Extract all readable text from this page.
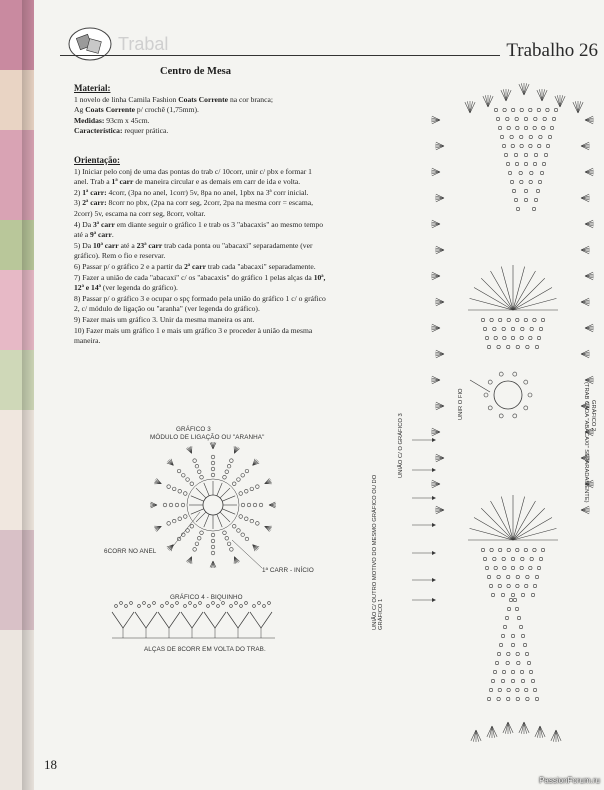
Trabal	Trabalho 26
Centro de Mesa

Material:

1 novelo de linha Camila Fashion Coats Corrente na cor branca;

Ag Coats Corrente p/ crochê (1,75mm).

Medidas: 93cm x 45cm.

Característica: requer prática.

Orientação:

1) Iniciar pelo conj de uma das pontas do trab c/ 10corr, unir c/ pbx e formar 1 anel. Trab a 1ª carr de maneira circular e as demais em carr de ida e volta.

2) 1ª carr: 4corr, (3pa no anel, 1corr) 5v, 8pa no anel, 1pbx na 3ª corr inicial.

3) 2ª carr: 8corr no pbx, (2pa na corr seg, 2corr, 2pa na mesma corr = escama, 2corr) 5v, escama na corr seg, 8corr, voltar.

4) Da 3ª carr em diante seguir o gráfico 1 e trab os 3 "abacaxis" ao mesmo tempo até a 9ª carr.

5) Da 10ª carr até a 23ª carr trab cada ponta ou "abacaxi" separadamente (ver gráfico). Rem o fio e reservar.

6) Passar p/ o gráfico 2 e a partir da 2ª carr trab cada "abacaxi" separadamente.

7) Fazer a união de cada "abacaxi" c/ os "abacaxis" do gráfico 1 pelas alças da 10ª, 12ª e 14ª (ver legenda do gráfico).

8) Passar p/ o gráfico 3 e ocupar o spç formado pela união do gráfico 1 c/ o gráfico 2, c/ módulo de ligação ou "aranha" (ver legenda do gráfico).

9) Fazer mais um gráfico 3. Unir da mesma maneira os ant.

10) Fazer mais um gráfico 1 e mais um gráfico 3 e proceder à união da mesma maneira.

GRÁFICO 3
MÓDULO DE LIGAÇÃO OU "ARANHA"
6CORR NO ANEL
1ª CARR - INÍCIO
GRÁFICO 4 - BIQUINHO
ALÇAS DE 8CORR EM VOLTA DO TRAB.
UNIÃO C/ O GRÁFICO 3
UNIÃO C/ OUTRO MOTIVO DO MESMO GRÁFICO OU DO GRÁFICO 1
UNIR O FIO	GRÁFICO 2
(TRAB CADA "ABACAXI" SEPARADAMENTE)
18
PassionForum.ru
